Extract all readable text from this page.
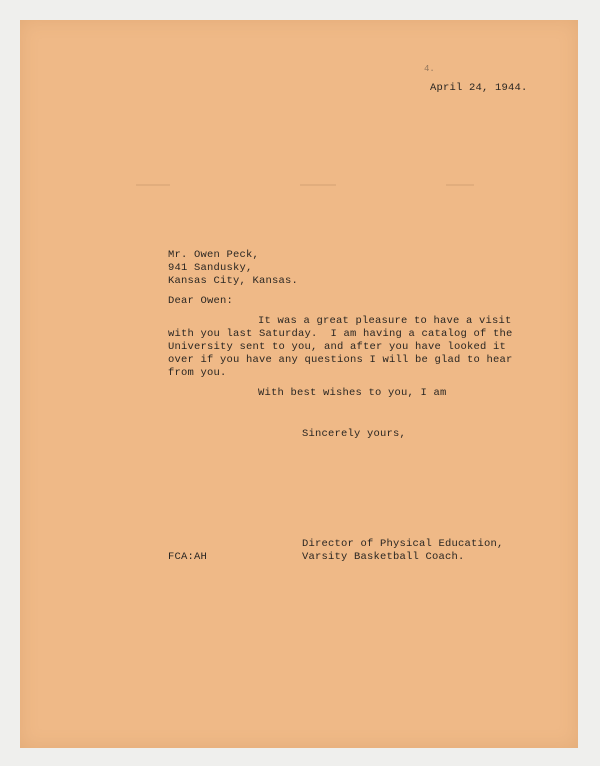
4.
April 24, 1944.
Mr. Owen Peck,
941 Sandusky,
Kansas City, Kansas.
Dear Owen:
It was a great pleasure to have a visit
with you last Saturday.  I am having a catalog of the
University sent to you, and after you have looked it
over if you have any questions I will be glad to hear
from you.
With best wishes to you, I am
Sincerely yours,
Director of Physical Education,
Varsity Basketball Coach.
FCA:AH
